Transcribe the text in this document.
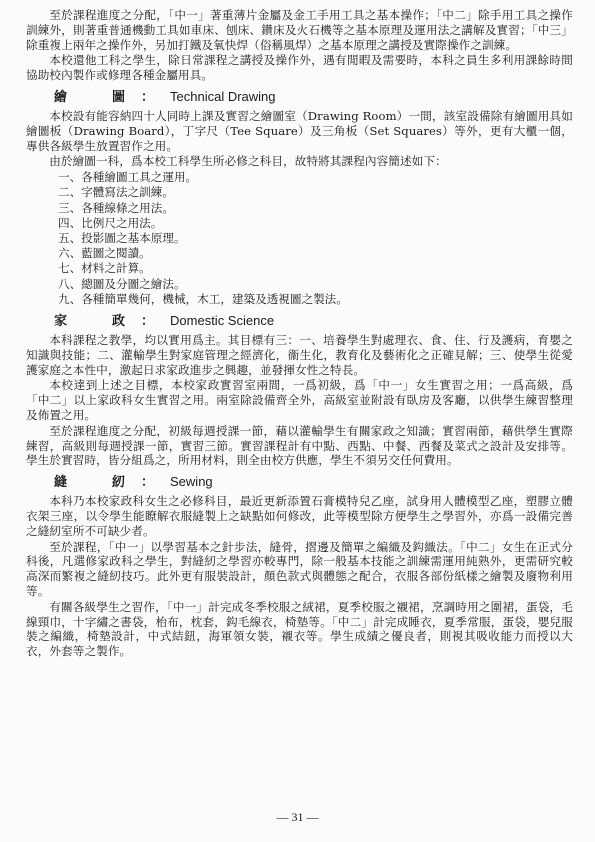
至於課程進度之分配，「中一」著重薄片金屬及金工手用工具之基本操作；「中二」除手用工具之操作訓練外，則著重普通機動工具如車床、刨床、鑽床及火石機等之基本原理及運用法之講解及實習；「中三」除重複上兩年之操作外，另加打鐵及氧快焊（俗稱風焊）之基本原理之講授及實際操作之訓練。

本校還他工科之學生，除日常課程之講授及操作外，遇有閒暇及需要時，本科之員生多利用課餘時間協助校內製作或修理各種金屬用具。

繪　圖：Technical Drawing

本校設有能容納四十人同時上課及實習之繪圖室（Drawing Room）一間，該室設備除有繪圖用具如繪圖板（Drawing Board），丁字尺（Tee Square）及三角板（Set Squares）等外，更有大櫃一個，專供各級學生放置習作之用。

由於繪圖一科，爲本校工科學生所必修之科目，故特將其課程內容簡述如下：

一、各種繪圖工具之運用。
二、字體寫法之訓練。
三、各種線條之用法。
四、比例尺之用法。
五、投影圖之基本原理。
六、藍圖之閱讀。
七、材料之計算。
八、總圖及分圖之繪法。
九、各種簡單幾何，機械，木工，建築及透視圖之製法。
家　政：Domestic Science

本科課程之教學，均以實用爲主。其目標有三：一、培養學生對處理衣、食、住、行及護病，育嬰之知識與技能；二、灌輸學生對家庭管理之經濟化，衞生化，教育化及藝術化之正確見解；三、使學生從愛護家庭之本性中，激起日求家政進步之興趣，並發揮女性之特長。

本校達到上述之目標，本校家政實習室兩間，一爲初級，爲「中一」女生實習之用；一爲高級，爲「中二」以上家政科女生實習之用。兩室除設備齊全外，高級室並附設有臥房及客廳，以供學生練習整理及佈置之用。

至於課程進度之分配，初級每週授課一節，藉以灌輸學生有關家政之知識；實習兩節，藉供學生實際練習，高級則每週授課一節，實習三節。實習課程計有中點、西點、中餐、西餐及菜式之設計及安排等。學生於實習時，皆分組爲之，所用材料，則全由校方供應，學生不須另交任何費用。

縫　紉：Sewing

本科乃本校家政科女生之必修科目，最近更新添置石膏模特兒乙座，試身用人體模型乙座，塑膠立體衣架三座，以令學生能瞭解衣服縫製上之缺點如何修改，此等模型除方便學生之學習外，亦爲一設備完善之縫紉室所不可缺少者。

至於課程，「中一」以學習基本之針步法，縫骨，摺邊及簡單之編織及鈎織法。「中二」女生在正式分科後，凡選修家政科之學生，對縫紉之學習亦較專門，除一般基本技能之訓練需運用純熟外，更需研究較高深而繁複之縫紉技巧。此外更有服裝設計，顏色款式與體態之配合，衣服各部份紙樣之繪製及廢物利用等。

有關各級學生之習作，「中一」計完成冬季校服之絨裙，夏季校服之襯裙，烹調時用之圍裙，蛋袋，毛線頸巾，十字繡之書袋，枱布，枕套，鈎毛線衣，椅墊等。「中二」計完成睡衣，夏季常服，蛋袋，嬰兒服裝之編織，椅墊設計，中式結鈕，海軍領女裝，襯衣等。學生成績之優良者，則視其吸收能力而授以大衣，外套等之製作。

— 31 —
